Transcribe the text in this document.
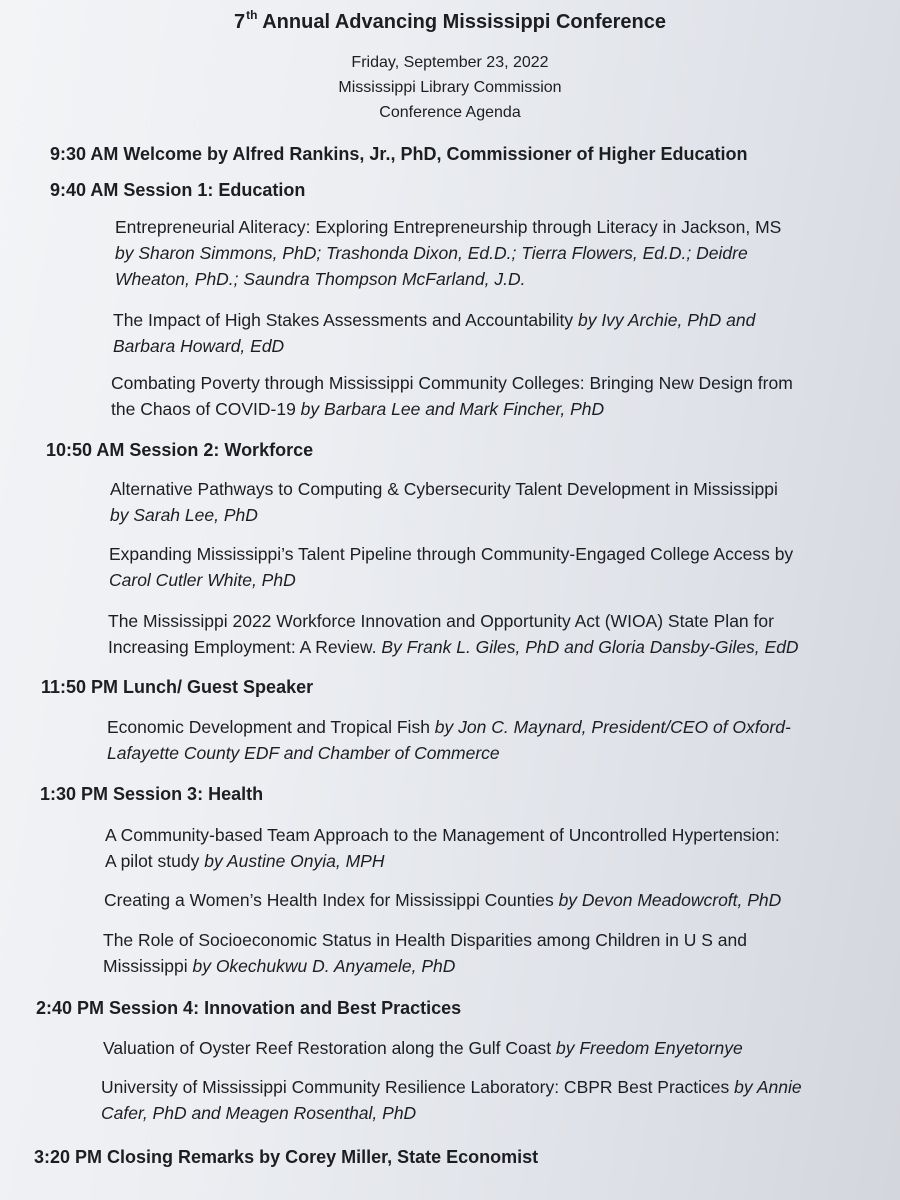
7th Annual Advancing Mississippi Conference
Friday, September 23, 2022
Mississippi Library Commission
Conference Agenda
9:30 AM Welcome by Alfred Rankins, Jr., PhD, Commissioner of Higher Education
9:40 AM Session 1: Education
Entrepreneurial Aliteracy: Exploring Entrepreneurship through Literacy in Jackson, MS
by Sharon Simmons, PhD; Trashonda Dixon, Ed.D.; Tierra Flowers, Ed.D.; Deidre
Wheaton, PhD.; Saundra Thompson McFarland, J.D.
The Impact of High Stakes Assessments and Accountability by Ivy Archie, PhD and
Barbara Howard, EdD
Combating Poverty through Mississippi Community Colleges: Bringing New Design from
the Chaos of COVID-19 by Barbara Lee and Mark Fincher, PhD
10:50 AM Session 2: Workforce
Alternative Pathways to Computing & Cybersecurity Talent Development in Mississippi
by Sarah Lee, PhD
Expanding Mississippi’s Talent Pipeline through Community-Engaged College Access by
Carol Cutler White, PhD
The Mississippi 2022 Workforce Innovation and Opportunity Act (WIOA) State Plan for
Increasing Employment: A Review. By Frank L. Giles, PhD and Gloria Dansby-Giles, EdD
11:50 PM Lunch/ Guest Speaker
Economic Development and Tropical Fish by Jon C. Maynard, President/CEO of Oxford-
Lafayette County EDF and Chamber of Commerce
1:30 PM Session 3: Health
A Community-based Team Approach to the Management of Uncontrolled Hypertension:
A pilot study by Austine Onyia, MPH
Creating a Women’s Health Index for Mississippi Counties by Devon Meadowcroft, PhD
The Role of Socioeconomic Status in Health Disparities among Children in U S and
Mississippi by Okechukwu D. Anyamele, PhD
2:40 PM Session 4: Innovation and Best Practices
Valuation of Oyster Reef Restoration along the Gulf Coast by Freedom Enyetornye
University of Mississippi Community Resilience Laboratory: CBPR Best Practices by Annie
Cafer, PhD and Meagen Rosenthal, PhD
3:20 PM Closing Remarks by Corey Miller, State Economist
